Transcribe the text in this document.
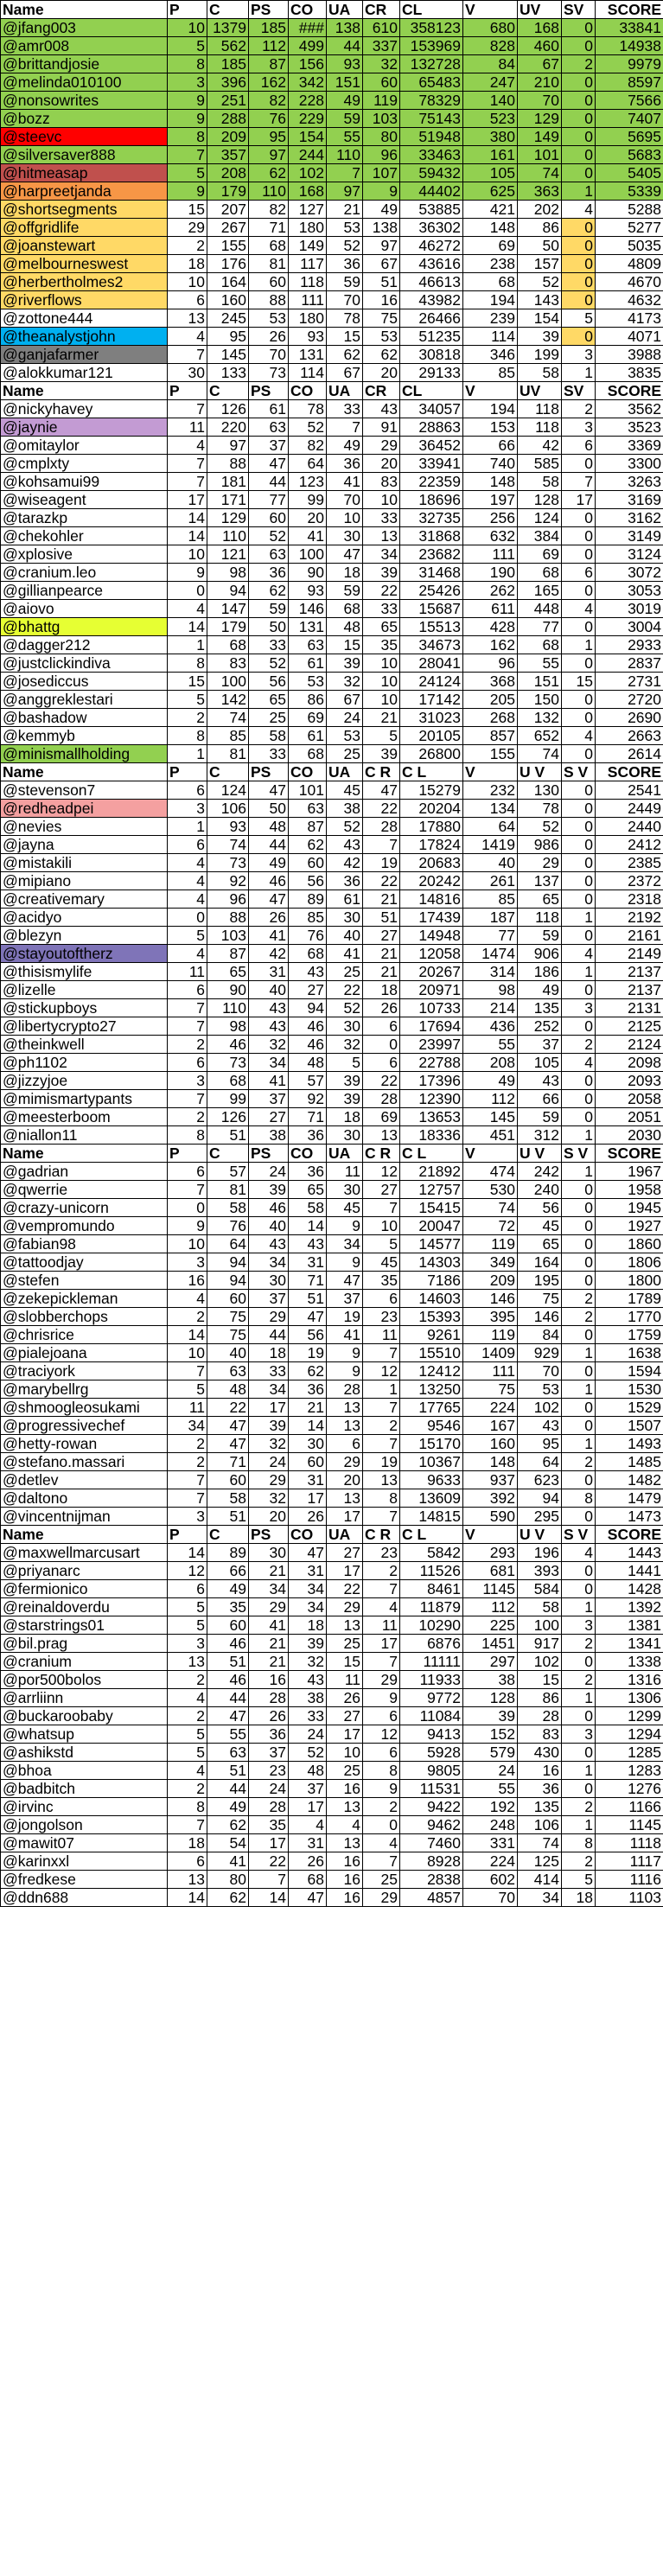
Name	P	C	PS	CO	UA	CR	CL	V	UV	SV	SCORE
@jfang003	10	1379	185	###	138	610	358123	680	168	0	33841
@amr008	5	562	112	499	44	337	153969	828	460	0	14938
@brittandjosie	8	185	87	156	93	32	132728	84	67	2	9979
@melinda010100	3	396	162	342	151	60	65483	247	210	0	8597
@nonsowrites	9	251	82	228	49	119	78329	140	70	0	7566
@bozz	9	288	76	229	59	103	75143	523	129	0	7407
@steevc	8	209	95	154	55	80	51948	380	149	0	5695
@silversaver888	7	357	97	244	110	96	33463	161	101	0	5683
@hitmeasap	5	208	62	102	7	107	59432	105	74	0	5405
@harpreetjanda	9	179	110	168	97	9	44402	625	363	1	5339
@shortsegments	15	207	82	127	21	49	53885	421	202	4	5288
@offgridlife	29	267	71	180	53	138	36302	148	86	0	5277
@joanstewart	2	155	68	149	52	97	46272	69	50	0	5035
@melbourneswest	18	176	81	117	36	67	43616	238	157	0	4809
@herbertholmes2	10	164	60	118	59	51	46613	68	52	0	4670
@riverflows	6	160	88	111	70	16	43982	194	143	0	4632
@zottone444	13	245	53	180	78	75	26466	239	154	5	4173
@theanalystjohn	4	95	26	93	15	53	51235	114	39	0	4071
@ganjafarmer	7	145	70	131	62	62	30818	346	199	3	3988
@alokkumar121	30	133	73	114	67	20	29133	85	58	1	3835
Name	P	C	PS	CO	UA	CR	CL	V	UV	SV	SCORE
@nickyhavey	7	126	61	78	33	43	34057	194	118	2	3562
@jaynie	11	220	63	52	7	91	28863	153	118	3	3523
@omitaylor	4	97	37	82	49	29	36452	66	42	6	3369
@cmplxty	7	88	47	64	36	20	33941	740	585	0	3300
@kohsamui99	7	181	44	123	41	83	22359	148	58	7	3263
@wiseagent	17	171	77	99	70	10	18696	197	128	17	3169
@tarazkp	14	129	60	20	10	33	32735	256	124	0	3162
@chekohler	14	110	52	41	30	13	31868	632	384	0	3149
@xplosive	10	121	63	100	47	34	23682	111	69	0	3124
@cranium.leo	9	98	36	90	18	39	31468	190	68	6	3072
@gillianpearce	0	94	62	93	59	22	25426	262	165	0	3053
@aiovo	4	147	59	146	68	33	15687	611	448	4	3019
@bhattg	14	179	50	131	48	65	15513	428	77	0	3004
@dagger212	1	68	33	63	15	35	34673	162	68	1	2933
@justclickindiva	8	83	52	61	39	10	28041	96	55	0	2837
@josediccus	15	100	56	53	32	10	24124	368	151	15	2731
@anggreklestari	5	142	65	86	67	10	17142	205	150	0	2720
@bashadow	2	74	25	69	24	21	31023	268	132	0	2690
@kemmyb	8	85	58	61	53	5	20105	857	652	4	2663
@minismallholding	1	81	33	68	25	39	26800	155	74	0	2614
Name	P	C	PS	CO	UA	C R	C L	V	U V	S V	SCORE
@stevenson7	6	124	47	101	45	47	15279	232	130	0	2541
@redheadpei	3	106	50	63	38	22	20204	134	78	0	2449
@nevies	1	93	48	87	52	28	17880	64	52	0	2440
@jayna	6	74	44	62	43	7	17824	1419	986	0	2412
@mistakili	4	73	49	60	42	19	20683	40	29	0	2385
@mipiano	4	92	46	56	36	22	20242	261	137	0	2372
@creativemary	4	96	47	89	61	21	14816	85	65	0	2318
@acidyo	0	88	26	85	30	51	17439	187	118	1	2192
@blezyn	5	103	41	76	40	27	14948	77	59	0	2161
@stayoutoftherz	4	87	42	68	41	21	12058	1474	906	4	2149
@thisismylife	11	65	31	43	25	21	20267	314	186	1	2137
@lizelle	6	90	40	27	22	18	20971	98	49	0	2137
@stickupboys	7	110	43	94	52	26	10733	214	135	3	2131
@libertycrypto27	7	98	43	46	30	6	17694	436	252	0	2125
@theinkwell	2	46	32	46	32	0	23997	55	37	2	2124
@ph1102	6	73	34	48	5	6	22788	208	105	4	2098
@jizzyjoe	3	68	41	57	39	22	17396	49	43	0	2093
@mimismartypants	7	99	37	92	39	28	12390	112	66	0	2058
@meesterboom	2	126	27	71	18	69	13653	145	59	0	2051
@niallon11	8	51	38	36	30	13	18336	451	312	1	2030
Name	P	C	PS	CO	UA	C R	C L	V	U V	S V	SCORE
@gadrian	6	57	24	36	11	12	21892	474	242	1	1967
@qwerrie	7	81	39	65	30	27	12757	530	240	0	1958
@crazy-unicorn	0	58	46	58	45	7	15415	74	56	0	1945
@vempromundo	9	76	40	14	9	10	20047	72	45	0	1927
@fabian98	10	64	43	43	34	5	14577	119	65	0	1860
@tattoodjay	3	94	34	31	9	45	14303	349	164	0	1806
@stefen	16	94	30	71	47	35	7186	209	195	0	1800
@zekepickleman	4	60	37	51	37	6	14603	146	75	2	1789
@slobberchops	2	75	29	47	19	23	15393	395	146	2	1770
@chrisrice	14	75	44	56	41	11	9261	119	84	0	1759
@pialejoana	10	40	18	19	9	7	15510	1409	929	1	1638
@traciyork	7	63	33	62	9	12	12412	111	70	0	1594
@marybellrg	5	48	34	36	28	1	13250	75	53	1	1530
@shmoogleosukami	11	22	17	21	13	7	17765	224	102	0	1529
@progressivechef	34	47	39	14	13	2	9546	167	43	0	1507
@hetty-rowan	2	47	32	30	6	7	15170	160	95	1	1493
@stefano.massari	2	71	24	60	29	19	10367	148	64	2	1485
@detlev	7	60	29	31	20	13	9633	937	623	0	1482
@daltono	7	58	32	17	13	8	13609	392	94	8	1479
@vincentnijman	3	51	20	26	17	7	14815	590	295	0	1473
Name	P	C	PS	CO	UA	C R	C L	V	U V	S V	SCORE
@maxwellmarcusart	14	89	30	47	27	23	5842	293	196	4	1443
@priyanarc	12	66	21	31	17	2	11526	681	393	0	1441
@fermionico	6	49	34	34	22	7	8461	1145	584	0	1428
@reinaldoverdu	5	35	29	34	29	4	11879	112	58	1	1392
@starstrings01	5	60	41	18	13	11	10290	225	100	3	1381
@bil.prag	3	46	21	39	25	17	6876	1451	917	2	1341
@cranium	13	51	21	32	15	7	11111	297	102	0	1338
@por500bolos	2	46	16	43	11	29	11933	38	15	2	1316
@arrliinn	4	44	28	38	26	9	9772	128	86	1	1306
@buckaroobaby	2	47	26	33	27	6	11084	39	28	0	1299
@whatsup	5	55	36	24	17	12	9413	152	83	3	1294
@ashikstd	5	63	37	52	10	6	5928	579	430	0	1285
@bhoa	4	51	23	48	25	8	9805	24	16	1	1283
@badbitch	2	44	24	37	16	9	11531	55	36	0	1276
@irvinc	8	49	28	17	13	2	9422	192	135	2	1166
@jongolson	7	62	35	4	4	0	9462	248	106	1	1145
@mawit07	18	54	17	31	13	4	7460	331	74	8	1118
@karinxxl	6	41	22	26	16	7	8928	224	125	2	1117
@fredkese	13	80	7	68	16	25	2838	602	414	5	1116
@ddn688	14	62	14	47	16	29	4857	70	34	18	1103
